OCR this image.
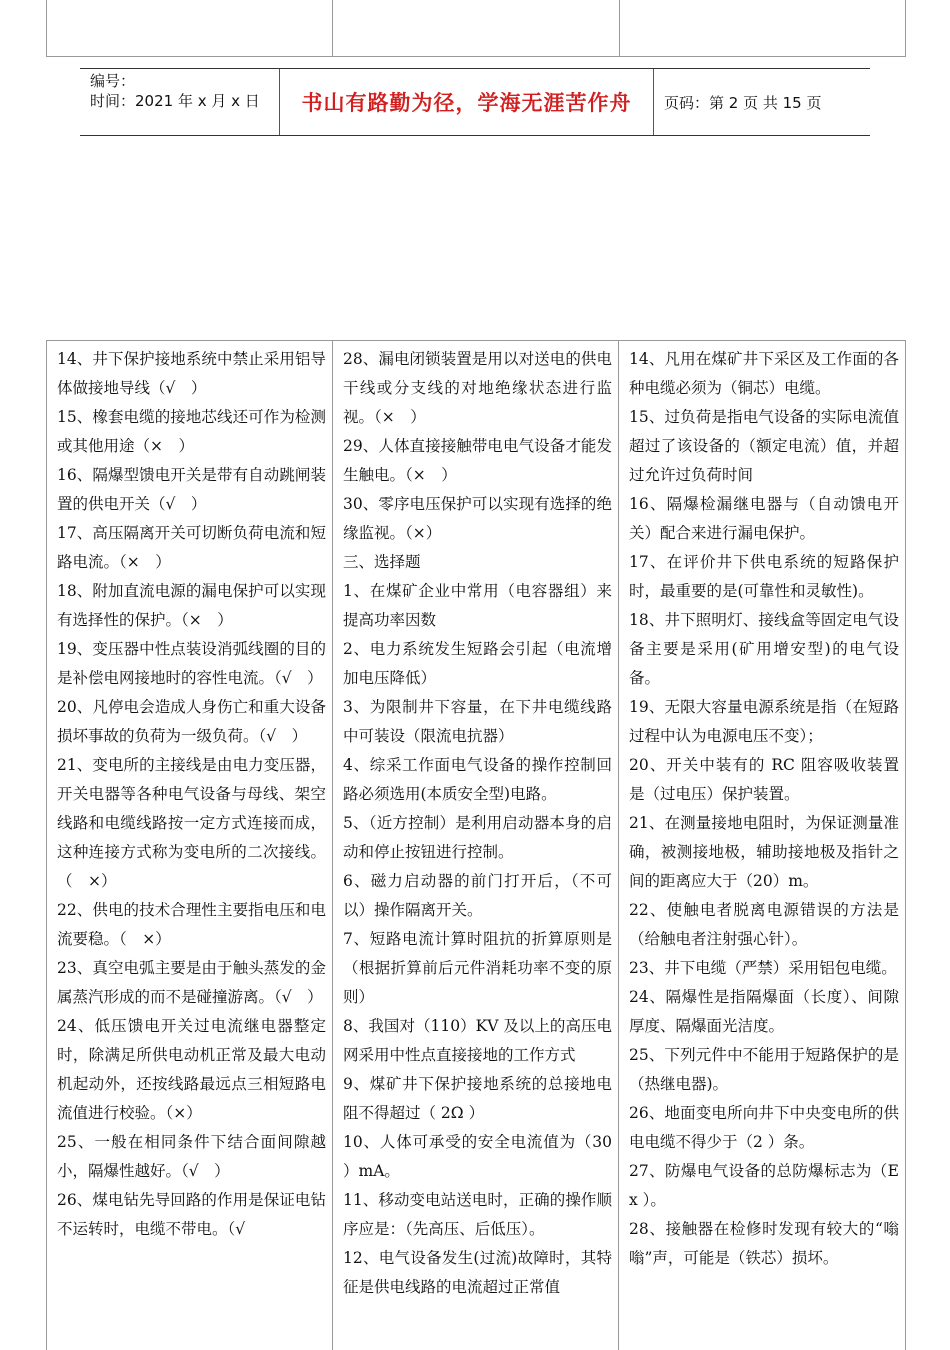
编号：
时间：2021 年 x 月 x 日	书山有路勤为径，学海无涯苦作舟 页码：第 2 页 共 15 页

14、井下保护接地系统中禁止采用铝导体做接地导线（√　）

15、橡套电缆的接地芯线还可作为检测或其他用途（×　）

16、隔爆型馈电开关是带有自动跳闸装置的供电开关（√　）

17、高压隔离开关可切断负荷电流和短路电流。（×　）

18、附加直流电源的漏电保护可以实现有选择性的保护。（×　）

19、变压器中性点装设消弧线圈的目的是补偿电网接地时的容性电流。（√　）

20、凡停电会造成人身伤亡和重大设备损坏事故的负荷为一级负荷。（√　）

21、变电所的主接线是由电力变压器，开关电器等各种电气设备与母线、架空线路和电缆线路按一定方式连接而成，这种连接方式称为变电所的二次接线。（　×）

22、供电的技术合理性主要指电压和电流要稳。（　×）

23、真空电弧主要是由于触头蒸发的金属蒸汽形成的而不是碰撞游离。（√　）

24、低压馈电开关过电流继电器整定时，除满足所供电动机正常及最大电动机起动外，还按线路最远点三相短路电流值进行校验。（×）

25、一般在相同条件下结合面间隙越小，隔爆性越好。（√　）

26、煤电钻先导回路的作用是保证电钻不运转时，电缆不带电。（√

28、漏电闭锁装置是用以对送电的供电干线或分支线的对地绝缘状态进行监视。（×　）

29、人体直接接触带电电气设备才能发生触电。（×　）

30、零序电压保护可以实现有选择的绝缘监视。（×）

三、选择题

1、在煤矿企业中常用（电容器组）来提高功率因数

2、电力系统发生短路会引起（电流增加电压降低）

3、为限制井下容量，在下井电缆线路中可装设（限流电抗器）

4、综采工作面电气设备的操作控制回路必须选用(本质安全型)电路。

5、（近方控制）是利用启动器本身的启动和停止按钮进行控制。

6、磁力启动器的前门打开后，（不可以）操作隔离开关。

7、短路电流计算时阻抗的折算原则是（根据折算前后元件消耗功率不变的原则）

8、我国对（110）KV 及以上的高压电网采用中性点直接接地的工作方式

9、煤矿井下保护接地系统的总接地电阻不得超过（ 2Ω ）

10、人体可承受的安全电流值为（30 ）mA。

11、移动变电站送电时，正确的操作顺序应是：（先高压、后低压）。

12、电气设备发生(过流)故障时，其特征是供电线路的电流超过正常值

14、凡用在煤矿井下采区及工作面的各种电缆必须为（铜芯）电缆。

15、过负荷是指电气设备的实际电流值超过了该设备的（额定电流）值，并超过允许过负荷时间

16、隔爆检漏继电器与（自动馈电开关）配合来进行漏电保护。

17、在评价井下供电系统的短路保护时，最重要的是(可靠性和灵敏性)。

18、井下照明灯、接线盒等固定电气设备主要是采用(矿用增安型)的电气设备。

19、无限大容量电源系统是指（在短路过程中认为电源电压不变）；

20、开关中装有的 RC 阻容吸收装置是（过电压）保护装置。

21、在测量接地电阻时，为保证测量准确，被测接地极，辅助接地极及指针之间的距离应大于（20）m。

22、使触电者脱离电源错误的方法是（给触电者注射强心针）。

23、井下电缆（严禁）采用铝包电缆。

24、隔爆性是指隔爆面（长度）、间隙厚度、隔爆面光洁度。

25、下列元件中不能用于短路保护的是（热继电器)。

26、地面变电所向井下中央变电所的供电电缆不得少于（2 ）条。

27、防爆电气设备的总防爆标志为（Ex ）。

28、接触器在检修时发现有较大的“嗡嗡”声，可能是（铁芯）损坏。
